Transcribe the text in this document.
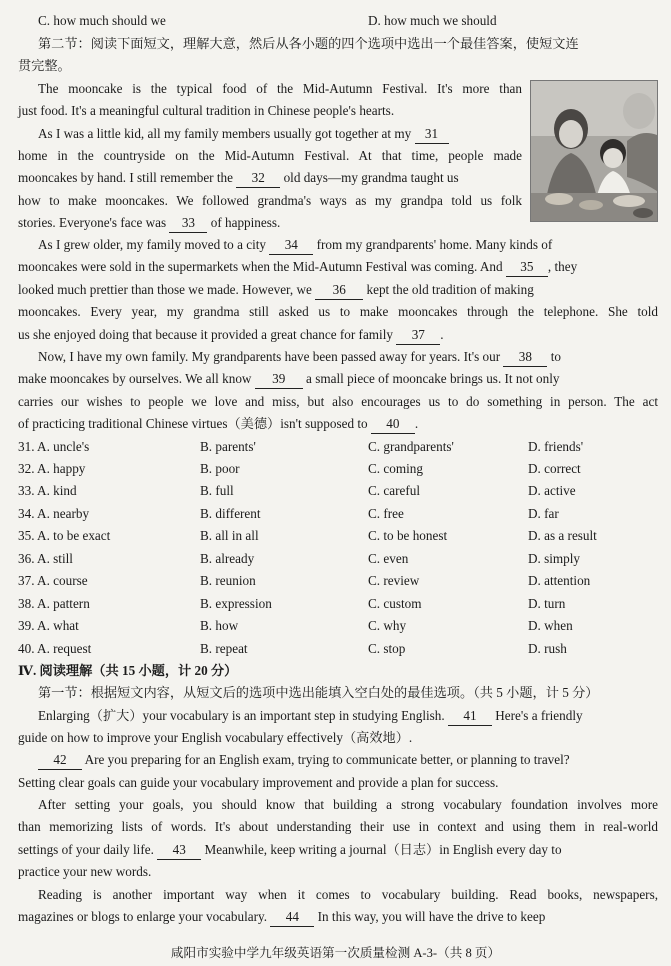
C. how much should we	D. how much we should
第二节：阅读下面短文，理解大意，然后从各小题的四个选项中选出一个最佳答案，使短文连
贯完整。
The mooncake is the typical food of the Mid-Autumn Festival. It's more than
just food. It's a meaningful cultural tradition in Chinese people's hearts.
As I was a little kid, all my family members usually got together at my 31
home in the countryside on the Mid-Autumn Festival. At that time, people made
mooncakes by hand. I still remember the 32 old days—my grandma taught us
how to make mooncakes. We followed grandma's ways as my grandpa told us folk
stories. Everyone's face was 33 of happiness.
As I grew older, my family moved to a city 34 from my grandparents' home. Many kinds of
mooncakes were sold in the supermarkets when the Mid-Autumn Festival was coming. And 35 , they
looked much prettier than those we made. However, we 36 kept the old tradition of making
mooncakes. Every year, my grandma still asked us to make mooncakes through the telephone. She told
us she enjoyed doing that because it provided a great chance for family 37 .
Now, I have my own family. My grandparents have been passed away for years. It's our 38 to
make mooncakes by ourselves. We all know 39 a small piece of mooncake brings us. It not only
carries our wishes to people we love and miss, but also encourages us to do something in person. The act
of practicing traditional Chinese virtues（美德）isn't supposed to 40 .
31. A. uncle's	B. parents'	C. grandparents'	D. friends'
32. A. happy	B. poor	C. coming	D. correct
33. A. kind	B. full	C. careful	D. active
34. A. nearby	B. different	C. free	D. far
35. A. to be exact	B. all in all	C. to be honest	D. as a result
36. A. still	B. already	C. even	D. simply
37. A. course	B. reunion	C. review	D. attention
38. A. pattern	B. expression	C. custom	D. turn
39. A. what	B. how	C. why	D. when
40. A. request	B. repeat	C. stop	D. rush
Ⅳ. 阅读理解（共 15 小题，计 20 分）
第一节：根据短文内容，从短文后的选项中选出能填入空白处的最佳选项。（共 5 小题，计 5 分）
Enlarging（扩大）your vocabulary is an important step in studying English. 41 Here's a friendly
guide on how to improve your English vocabulary effectively（高效地）.
42 Are you preparing for an English exam, trying to communicate better, or planning to travel?
Setting clear goals can guide your vocabulary improvement and provide a plan for success.
After setting your goals, you should know that building a strong vocabulary foundation involves more
than memorizing lists of words. It's about understanding their use in context and using them in real-world
settings of your daily life. 43 Meanwhile, keep writing a journal（日志）in English every day to
practice your new words.
Reading is another important way when it comes to vocabulary building. Read books, newspapers,
magazines or blogs to enlarge your vocabulary. 44 In this way, you will have the drive to keep
咸阳市实验中学九年级英语第一次质量检测 A-3-（共 8 页）
